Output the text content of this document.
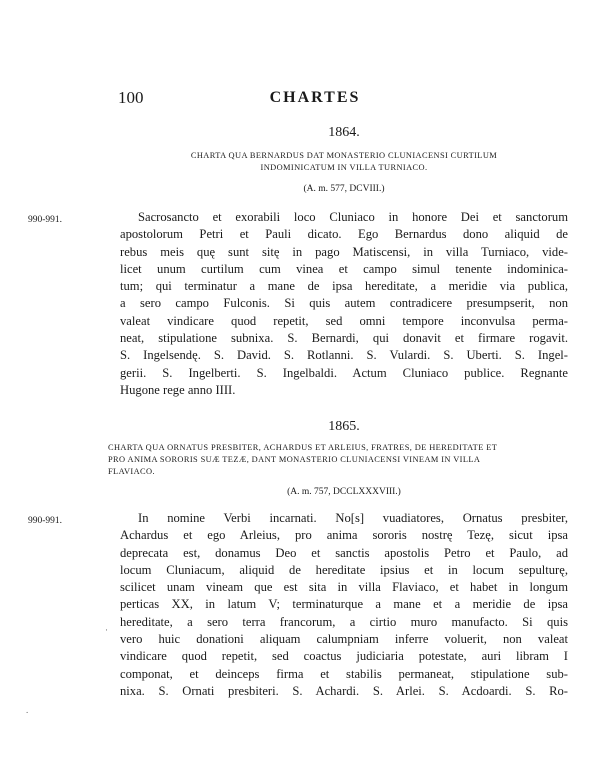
100	CHARTES
1864.
CHARTA QUA BERNARDUS DAT MONASTERIO CLUNIACENSI CURTILUM
INDOMINICATUM IN VILLA TURNIACO.
(A. m. 577, DCVIII.)
990-991.	Sacrosancto et exorabili loco Cluniaco in honore Dei et sanctorum
apostolorum Petri et Pauli dicato. Ego Bernardus dono aliquid de
rebus meis quę sunt sitę in pago Matiscensi, in villa Turniaco, vide-
licet unum curtilum cum vinea et campo simul tenente indominica-
tum; qui terminatur a mane de ipsa hereditate, a meridie via publica,
a sero campo Fulconis. Si quis autem contradicere presumpserit, non
valeat vindicare quod repetit, sed omni tempore inconvulsa perma-
neat, stipulatione subnixa. S. Bernardi, qui donavit et firmare rogavit.
S. Ingelsendę. S. David. S. Rotlanni. S. Vulardi. S. Uberti. S. Ingel-
gerii. S. Ingelberti. S. Ingelbaldi. Actum Cluniaco publice. Regnante
Hugone rege anno IIII.
1865.
CHARTA QUA ORNATUS PRESBITER, ACHARDUS ET ARLEIUS, FRATRES, DE HEREDITATE ET
PRO ANIMA SORORIS SUÆ TEZÆ, DANT MONASTERIO CLUNIACENSI VINEAM IN VILLA
FLAVIACO.
(A. m. 757, DCCLXXXVIII.)
990-991.	In nomine Verbi incarnati. No[s] vuadiatores, Ornatus presbiter,
Achardus et ego Arleius, pro anima sororis nostrę Tezę, sicut ipsa
deprecata est, donamus Deo et sanctis apostolis Petro et Paulo, ad
locum Cluniacum, aliquid de hereditate ipsius et in locum sepulturę,
scilicet unam vineam que est sita in villa Flaviaco, et habet in longum
perticas XX, in latum V; terminaturque a mane et a meridie de ipsa
hereditate, a sero terra francorum, a cirtio muro manufacto. Si quis
vero huic donationi aliquam calumpniam inferre voluerit, non valeat
vindicare quod repetit, sed coactus judiciaria potestate, auri libram I
componat, et deinceps firma et stabilis permaneat, stipulatione sub-
nixa. S. Ornati presbiteri. S. Achardi. S. Arlei. S. Acdoardi. S. Ro-
·
.
